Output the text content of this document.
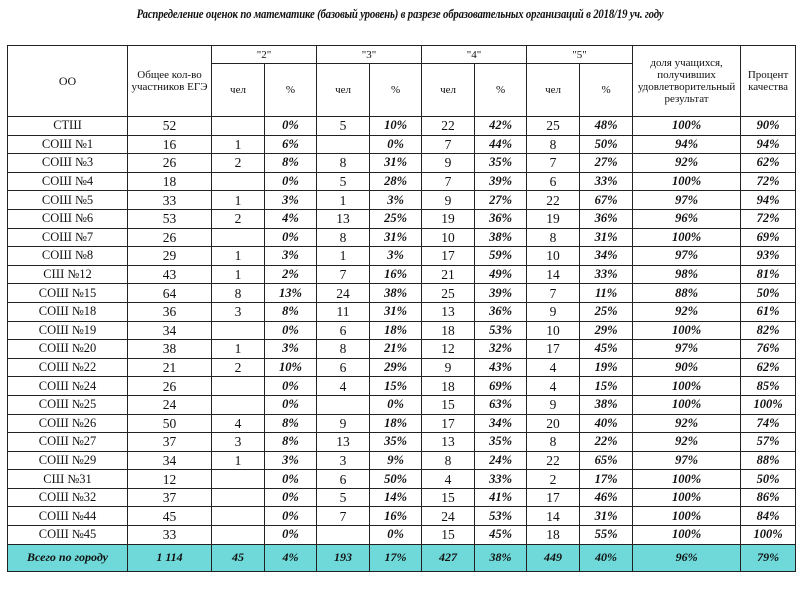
Распределение оценок по математике (базовый уровень) в разрезе образовательных организаций в 2018/19 уч. году
ОО	Общее кол-во участников ЕГЭ	"2"		"3"		"4"		"5"		доля учащихся, получивших удовлетворительный результат	Процент качества
		чел	%	чел	%	чел	%	чел	%		
СТШ	52		0%	5	10%	22	42%	25	48%	100%	90%
СОШ №1	16	1	6%		0%	7	44%	8	50%	94%	94%
СОШ №3	26	2	8%	8	31%	9	35%	7	27%	92%	62%
СОШ №4	18		0%	5	28%	7	39%	6	33%	100%	72%
СОШ №5	33	1	3%	1	3%	9	27%	22	67%	97%	94%
СОШ №6	53	2	4%	13	25%	19	36%	19	36%	96%	72%
СОШ №7	26		0%	8	31%	10	38%	8	31%	100%	69%
СОШ №8	29	1	3%	1	3%	17	59%	10	34%	97%	93%
СШ №12	43	1	2%	7	16%	21	49%	14	33%	98%	81%
СОШ №15	64	8	13%	24	38%	25	39%	7	11%	88%	50%
СОШ №18	36	3	8%	11	31%	13	36%	9	25%	92%	61%
СОШ №19	34		0%	6	18%	18	53%	10	29%	100%	82%
СОШ №20	38	1	3%	8	21%	12	32%	17	45%	97%	76%
СОШ №22	21	2	10%	6	29%	9	43%	4	19%	90%	62%
СОШ №24	26		0%	4	15%	18	69%	4	15%	100%	85%
СОШ №25	24		0%		0%	15	63%	9	38%	100%	100%
СОШ №26	50	4	8%	9	18%	17	34%	20	40%	92%	74%
СОШ №27	37	3	8%	13	35%	13	35%	8	22%	92%	57%
СОШ №29	34	1	3%	3	9%	8	24%	22	65%	97%	88%
СШ №31	12		0%	6	50%	4	33%	2	17%	100%	50%
СОШ №32	37		0%	5	14%	15	41%	17	46%	100%	86%
СОШ №44	45		0%	7	16%	24	53%	14	31%	100%	84%
СОШ №45	33		0%		0%	15	45%	18	55%	100%	100%
Всего по городу	1 114	45	4%	193	17%	427	38%	449	40%	96%	79%
